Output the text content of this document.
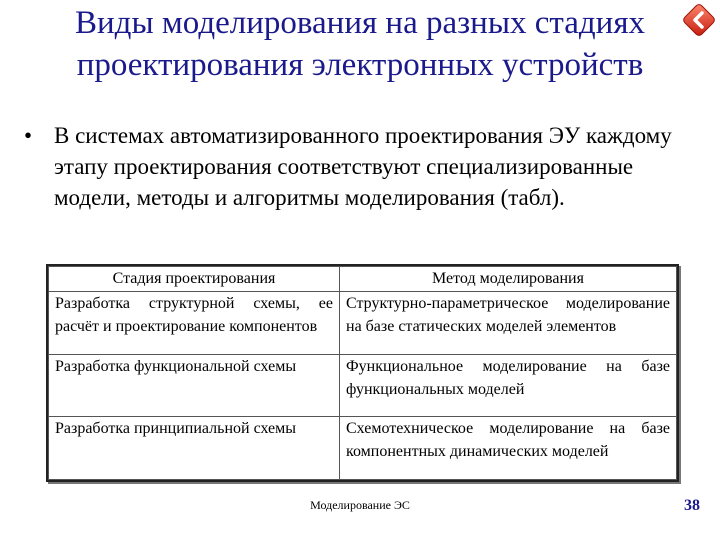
Виды моделирования на разных стадиях
проектирования электронных устройств
• В системах автоматизированного проектирования ЭУ каждому этапу проектирования соответствуют специализированные модели, методы и алгоритмы моделирования (табл).
Стадия проектирования	Метод моделирования
Разработка структурной схемы, ее расчёт и проектирование компонентов	Структурно-параметрическое моделирование на базе статических моделей элементов
Разработка функциональной схемы	Функциональное моделирование на базе функциональных моделей
Разработка принципиальной схемы	Схемотехническое моделирование на базе компонентных динамических моделей
Моделирование ЭС	38
